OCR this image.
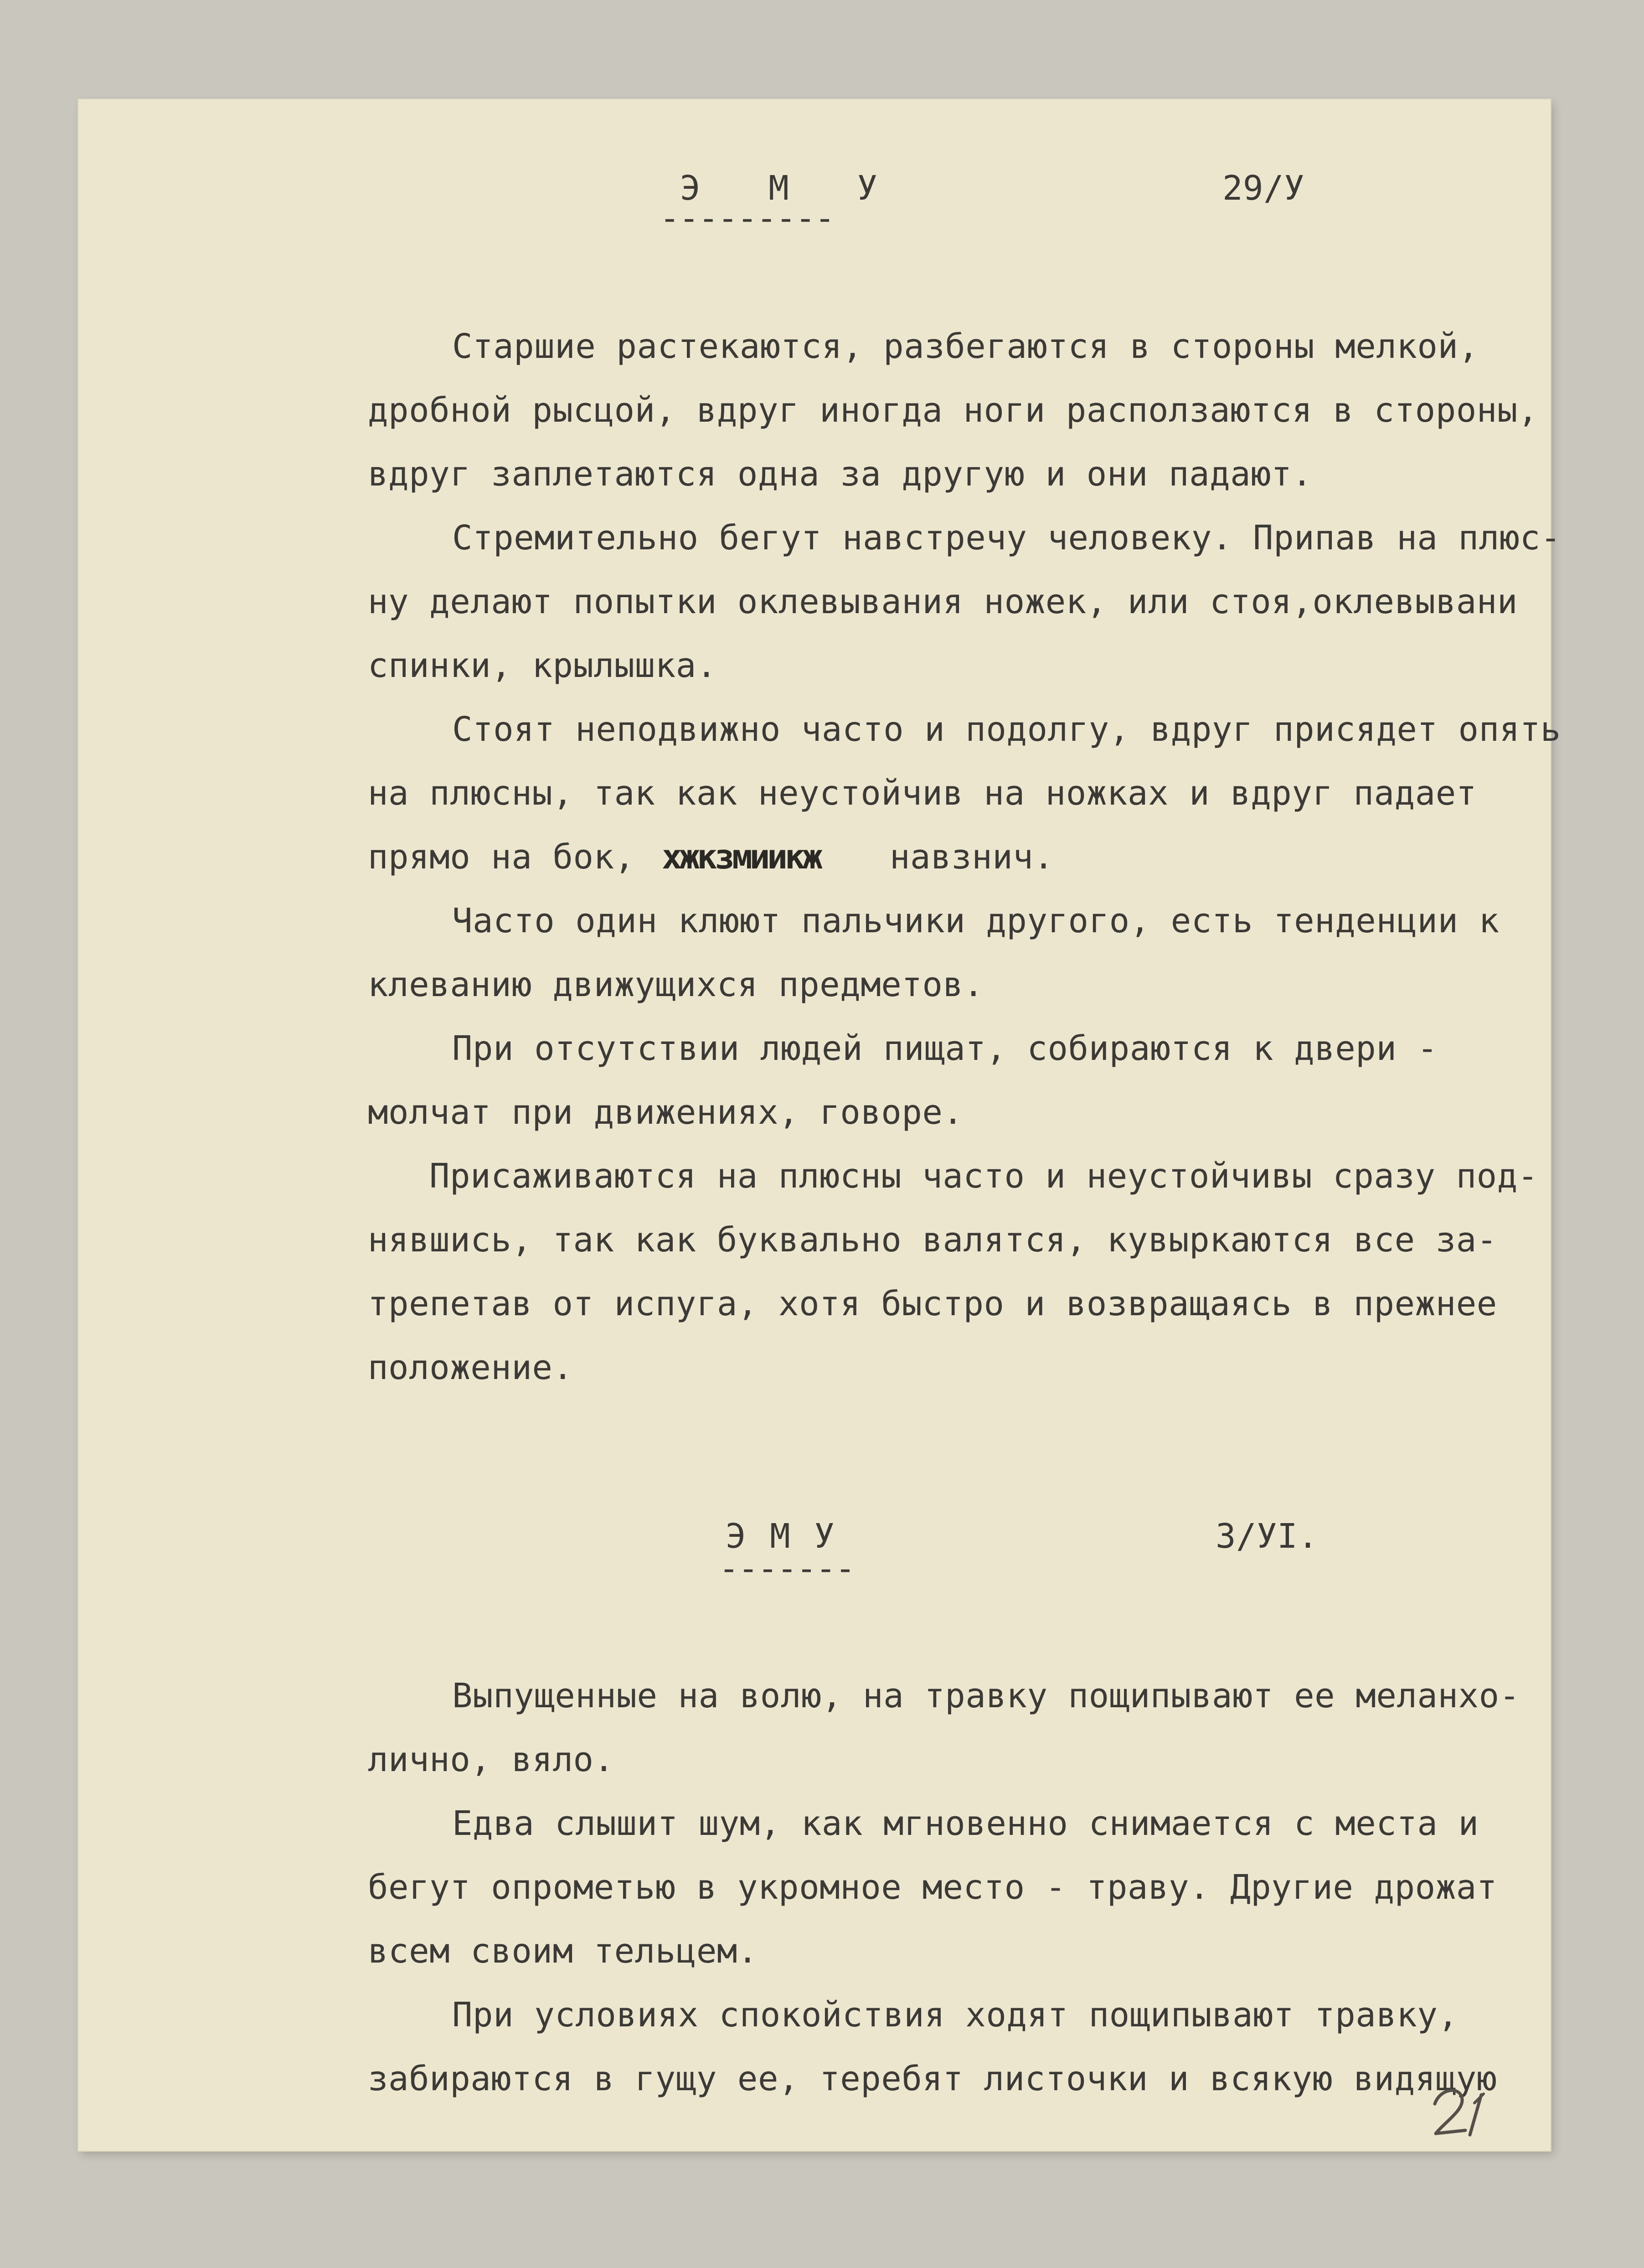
Э   М   У	29/У
---------
Старшие растекаются, разбегаются в стороны мелкой,
дробной рысцой, вдруг иногда ноги расползаются в стороны,
вдруг заплетаются одна за другую и они падают.
Стремительно бегут навстречу человеку. Припав на плюс-
ну делают попытки оклевывания ножек, или стоя,оклевывани
спинки, крылышка.
Стоят неподвижно часто и подолгу, вдруг присядет опять
на плюсны, так как неустойчив на ножках и вдруг падает
прямо на бок, хжкзмиикж навзнич.
Часто один клюют пальчики другого, есть тенденции к
клеванию движущихся предметов.
При отсутствии людей пищат, собираются к двери -
молчат при движениях, говоре.
Присаживаются на плюсны часто и неустойчивы сразу под-
нявшись, так как буквально валятся, кувыркаются все за-
трепетав от испуга, хотя быстро и возвращаясь в прежнее
положение.
Э М У	3/УI.
-------
Выпущенные на волю, на травку пощипывают ее меланхо-
лично, вяло.
Едва слышит шум, как мгновенно снимается с места и
бегут опрометью в укромное место - траву. Другие дрожат
всем своим тельцем.
При условиях спокойствия ходят пощипывают травку,
забираются в гущу ее, теребят листочки и всякую видящую
